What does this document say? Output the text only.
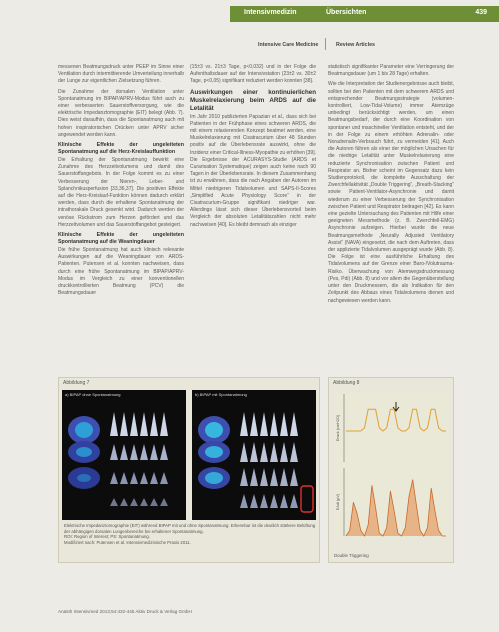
Intensivmedizin	Übersichten	439
Intensive Care Medicine	Review Articles

messenen Beatmungsdruck unter PEEP im Sinne einer Ventilation durch intermittierende Umverteilung innerhalb der Lunge zur eigentlichen Zielsetzung führen.

Die Zunahme der dorsalen Ventilation unter Spontanatmung im BIPAP/APRV-Modus führt auch zu einer verbesserten Sauerstoffversorgung, wie die elektrische Impedanztomographie (EIT) belegt (Abb. 7). Dies weist daraufhin, dass die Spontanatmung auch mit hohen inspiratorischen Drücken unter APRV sicher angewendet werden kann.

Klinische Effekte der ungeleiteten Spontanatmung auf die Herz-Kreislauffunktion

Die Erhaltung der Spontanatmung bewirkt eine Zunahme des Herzzeitvolumens und damit des Sauerstoffangebots. In der Folge kommt es zu einer Verbesserung der Nieren-, Leber- und Splanchnikusperfusion [33,36,37]. Die positiven Effekte auf die Herz-Kreislauf-Funktion können dadurch erklärt werden, dass durch die erhaltene Spontanatmung der intrathorakale Druck gesenkt wird. Dadurch werden der venöse Rückstrom zum Herzen gefördert und das Herzzeitvolumen und das Sauerstoffangebot gesteigert.

Klinische Effekte der ungeleiteten Spontanatmung auf die Weaningdauer

Die frühe Spontanatmung hat auch klinisch relevante Auswirkungen auf die Weaningdauer von ARDS-Patienten. Putensen et al. konnten nachweisen, dass durch eine frühe Spontanatmung im BIPAP/APRV-Modus im Vergleich zu einer konventionellen druckkontrollierten Beatmung (PCV) die Beatmungsdauer

(15±3 vs. 21±3 Tage, p<0,032) und in der Folge die Aufenthaltsdauer auf der Intensivstation (23±2 vs. 30±2 Tage, p<0,05) signifikant reduziert werden konnten [38].

Auswirkungen einer kontinuierlichen Muskelrelaxierung beim ARDS auf die Letalität

Im Jahr 2010 publizierten Papazian et al., dass sich bei Patienten in der Frühphase eines schweren ARDS, die mit einem relaxierenden Konzept beatmet werden, eine Muskelrelaxierung mit Cisatracurium über 48 Stunden positiv auf die Überlebensrate auswirkt, ohne die Inzidenz einer Critical-Illness-Myopathie zu erhöhen [39]. Die Ergebnisse der ACURASYS-Studie (ARDS et Curarisation Systematique) zeigen auch keine nach 90 Tagen in der Überlebensrate. In diesem Zusammenhang ist zu erwähnen, dass die nach Angaben der Autoren im Mittel niedrigeren Tidalvolumen und SAPS-II-Scores „Simplified Acute Physiology Score“ in der Cisatracurium-Gruppe signifikant niedriger war. Allerdings lässt sich dieser Überlebensvorteil beim Vergleich der absoluten Letalitätszahlen nicht mehr nachweisen [40]. Es bleibt demnach als einziger

statistisch signifikanter Parameter eine Verringerung der Beatmungsdauer (um 1 bis 28 Tage) erhalten.

Wie die Interpretation der Studienergebnisse auch bleibt, sollten bei den Patienten mit dem schwerem ARDS und entsprechender Beatmungsstrategie (volumen-kontrolliert, Low-Tidal-Volume) immer Atemzüge unbedingt berücksichtigt werden, um einen Beatmungsbedarf, der durch eine Koordination von spontaner und maschineller Ventilation entsteht, und der in der Folge zu einem erhöhten Adrenalin- oder Noradrenalin-Verbrauch führt, zu vermeiden [41]. Auch die Autoren führen als einer der möglichen Ursachen für die niedrige Letalität unter Muskelrelaxierung eine reduzierte Synchronisation zwischen Patient und Respirator an. Bisher scheint im Gegensatz dazu kein Studienprotokoll, die komplette Ausschaltung der Zwerchfellaktivität „Double Triggering“, „Breath-Stacking“ sowie Patient-Ventilator-Asynchronie und damit wiederum zu einer Verbesserung der Synchronisation zwischen Patient und Respirator beitragen [42]. Es kann eine gezielte Untersuchung des Patienten mit Hilfe einer geeigneten Messmethode (z. B. Zwerchfell-EMG) Asynchronie aufzeigen. Hierbei wurde die neue Beatmungsmethode „Neurally Adjusted Ventilatory Assist“ (NAVA) eingesetzt, die nach dem Auftreten, dass der applizierte Tidalvolumen ausgeprägt wurde (Abb. 8). Die Folge ist eine ausführliche Erhaltung des Tidalvolumens auf der Grenze einer Baro-/Volutrauma-Risiko. Überwachung von Atemwegsdruckmessung (Pes, Pdi) (Abb. 8) und vor allem die Gegenüberstellung unter den Druckmessern, die als Indikation für den Zeitpunkt des Abbaus eines Tidalvolumens dienen und nachgewiesen werden kann.

Abbildung 7
a) BIPAP ohne Spontanatmung	b) BIPAP mit Spontanatmung

Elektrische Impedanztomographie (EIT) während BIPAP mit und ohne Spontanatmung. Erkennbar ist die deutlich stärkere Belüftung der abhängigen dorsalen Lungenbereiche bei erhaltener Spontanatmung.

ROI: Region of Interest; PS: Spontanatmung.

Modifiziert nach: Putensen et al. Intensivmedizinische Praxis 2011.

Abbildung 8
Druck (cmH2O)
EAdi (µV)
Double Triggering
Anästh Intensivmed 2013;54:432-445 Aktiv Druck & Verlag GmbH
